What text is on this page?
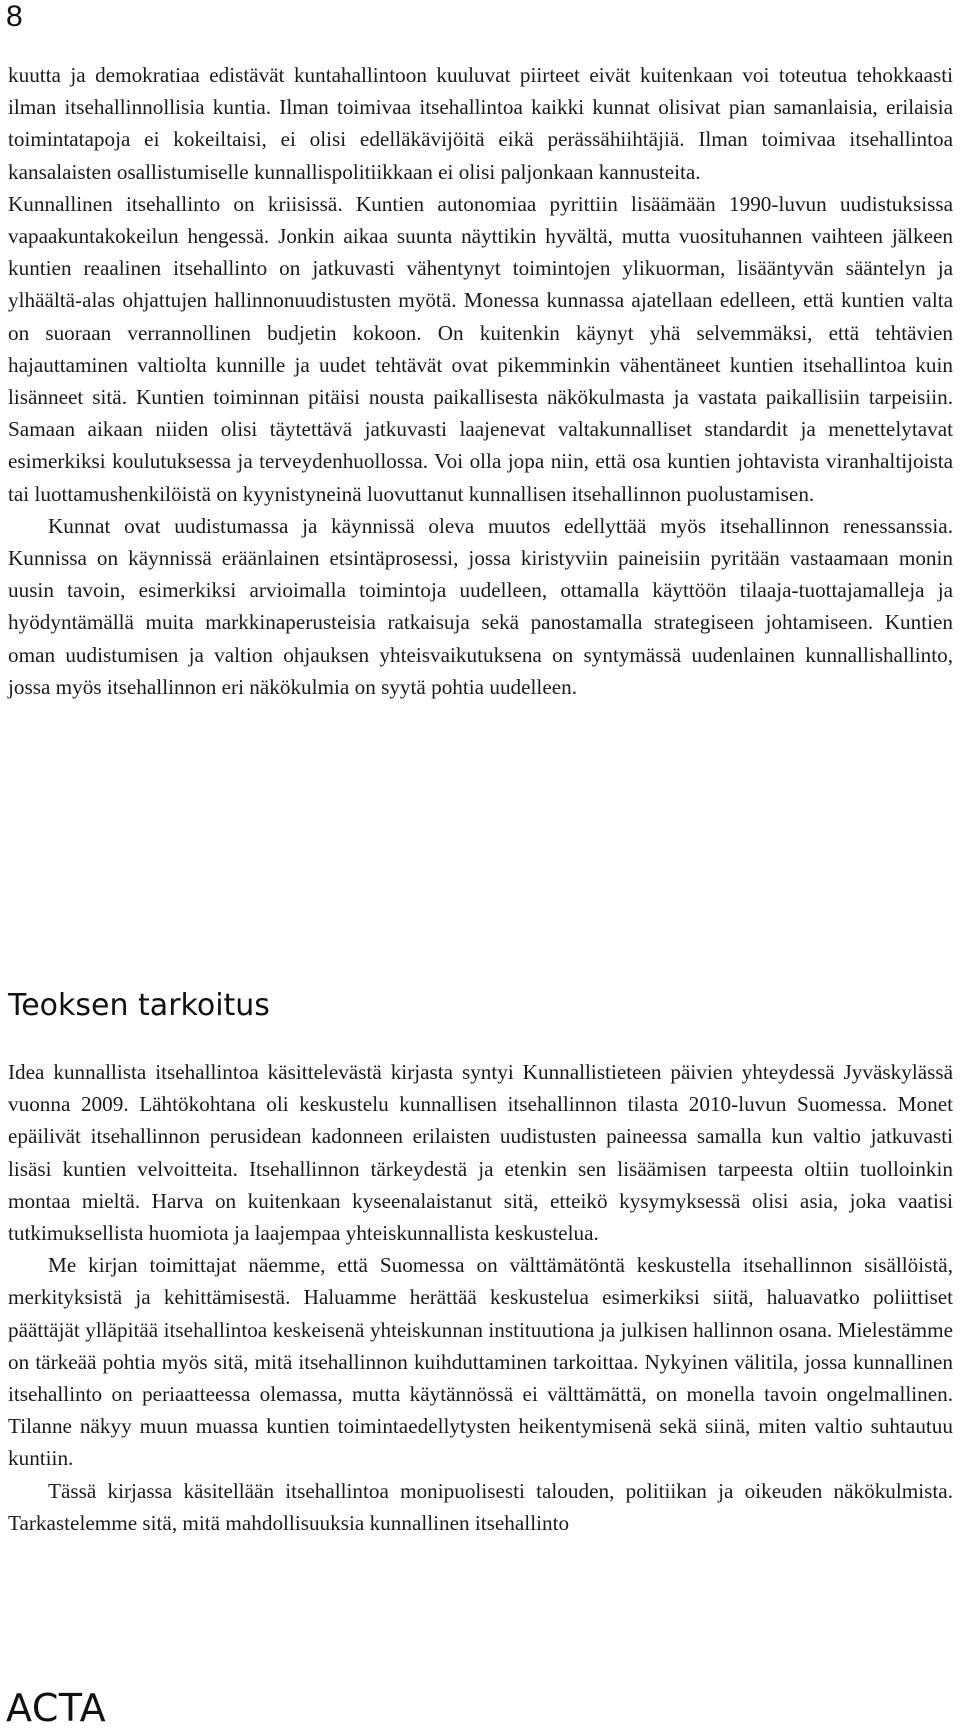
8

kuutta ja demokratiaa edistävät kuntahallintoon kuuluvat piirteet eivät kuitenkaan voi toteutua tehokkaasti ilman itsehallinnollisia kuntia. Ilman toimivaa itsehallintoa kaikki kunnat olisivat pian samanlaisia, erilaisia toimintatapoja ei kokeiltaisi, ei olisi edelläkävijöitä eikä perässähiihtäjiä. Ilman toimivaa itsehallintoa kansalaisten osallistumiselle kunnallispolitiikkaan ei olisi paljonkaan kannusteita.

Kunnallinen itsehallinto on kriisissä. Kuntien autonomiaa pyrittiin lisäämään 1990-luvun uudistuksissa vapaakuntakokeilun hengessä. Jonkin aikaa suunta näyttikin hyvältä, mutta vuosituhannen vaihteen jälkeen kuntien reaalinen itsehallinto on jatkuvasti vähentynyt toimintojen ylikuorman, lisääntyvän sääntelyn ja ylhäältä-alas ohjattujen hallinnonuudistusten myötä. Monessa kunnassa ajatellaan edelleen, että kuntien valta on suoraan verrannollinen budjetin kokoon. On kuitenkin käynyt yhä selvemmäksi, että tehtävien hajauttaminen valtiolta kunnille ja uudet tehtävät ovat pikemminkin vähentäneet kuntien itsehallintoa kuin lisänneet sitä. Kuntien toiminnan pitäisi nousta paikallisesta näkökulmasta ja vastata paikallisiin tarpeisiin. Samaan aikaan niiden olisi täytettävä jatkuvasti laajenevat valtakunnalliset standardit ja menettelytavat esimerkiksi koulutuksessa ja terveydenhuollossa. Voi olla jopa niin, että osa kuntien johtavista viranhaltijoista tai luottamushenkilöistä on kyynistyneinä luovuttanut kunnallisen itsehallinnon puolustamisen.

Kunnat ovat uudistumassa ja käynnissä oleva muutos edellyttää myös itsehallinnon renessanssia. Kunnissa on käynnissä eräänlainen etsintäprosessi, jossa kiristyviin paineisiin pyritään vastaamaan monin uusin tavoin, esimerkiksi arvioimalla toimintoja uudelleen, ottamalla käyttöön tilaaja-tuottajamalleja ja hyödyntämällä muita markkinaperusteisia ratkaisuja sekä panostamalla strategiseen johtamiseen. Kuntien oman uudistumisen ja valtion ohjauksen yhteisvaikutuksena on syntymässä uudenlainen kunnallishallinto, jossa myös itsehallinnon eri näkökulmia on syytä pohtia uudelleen.

Teoksen tarkoitus

Idea kunnallista itsehallintoa käsittelevästä kirjasta syntyi Kunnallistieteen päivien yhteydessä Jyväskylässä vuonna 2009. Lähtökohtana oli keskustelu kunnallisen itsehallinnon tilasta 2010-luvun Suomessa. Monet epäilivät itsehallinnon perusidean kadonneen erilaisten uudistusten paineessa samalla kun valtio jatkuvasti lisäsi kuntien velvoitteita. Itsehallinnon tärkeydestä ja etenkin sen lisäämisen tarpeesta oltiin tuolloinkin montaa mieltä. Harva on kuitenkaan kyseenalaistanut sitä, etteikö kysymyksessä olisi asia, joka vaatisi tutkimuksellista huomiota ja laajempaa yhteiskunnallista keskustelua.

Me kirjan toimittajat näemme, että Suomessa on välttämätöntä keskustella itsehallinnon sisällöistä, merkityksistä ja kehittämisestä. Haluamme herättää keskustelua esimerkiksi siitä, haluavatko poliittiset päättäjät ylläpitää itsehallintoa keskeisenä yhteiskunnan instituutiona ja julkisen hallinnon osana. Mielestämme on tärkeää pohtia myös sitä, mitä itsehallinnon kuihduttaminen tarkoittaa. Nykyinen välitila, jossa kunnallinen itsehallinto on periaatteessa olemassa, mutta käytännössä ei välttämättä, on monella tavoin ongelmallinen. Tilanne näkyy muun muassa kuntien toimintaedellytysten heikentymisenä sekä siinä, miten valtio suhtautuu kuntiin.

Tässä kirjassa käsitellään itsehallintoa monipuolisesti talouden, politiikan ja oikeuden näkökulmista. Tarkastelemme sitä, mitä mahdollisuuksia kunnallinen itsehallinto

ACTA
